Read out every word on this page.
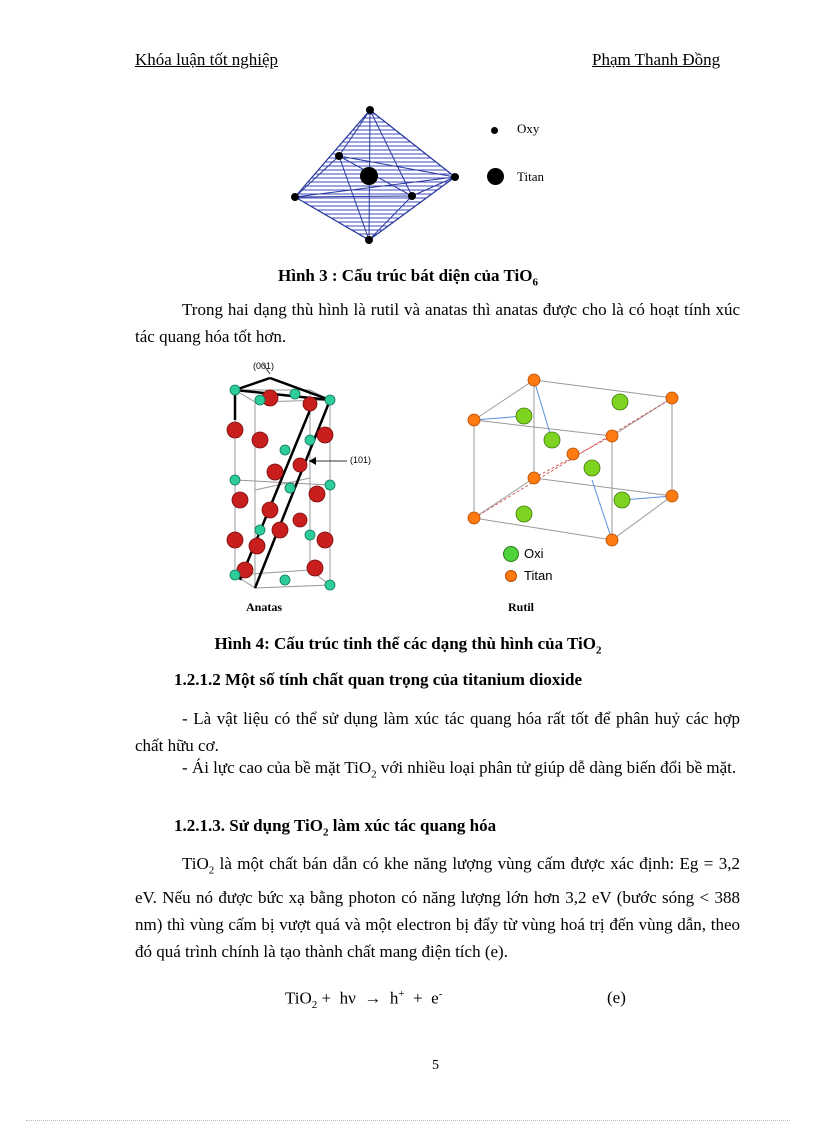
Khóa luận tốt nghiệp	Phạm Thanh Đồng
Oxy
Titan
Hình 3 : Cấu trúc bát diện của TiO$_6$
Trong hai dạng thù hình là rutil và anatas thì anatas được cho là có hoạt tính xúc tác quang hóa tốt hơn.
(001)
(101)
Anatas
Oxi
Titan
Rutil
Hình 4: Cấu trúc tinh thể các dạng thù hình của TiO$_2$
1.2.1.2 Một số tính chất quan trọng của titanium dioxide
- Là vật liệu có thể sử dụng làm xúc tác quang hóa rất tốt để phân huỷ các hợp chất hữu cơ.
- Ái lực cao của bề mặt TiO$_2$ với nhiều loại phân tử giúp dễ dàng biến đổi bề mặt.
1.2.1.3. Sử dụng TiO$_2$ làm xúc tác quang hóa
TiO$_2$ là một chất bán dẫn có khe năng lượng vùng cấm được xác định: Eg = 3,2 eV. Nếu nó được bức xạ bằng photon có năng lượng lớn hơn 3,2 eV (bước sóng < 388 nm) thì vùng cấm bị vượt quá và một electron bị đẩy từ vùng hoá trị đến vùng dẫn, theo đó quá trình chính là tạo thành chất mang điện tích (e).
TiO$_2$ +  hν  →  h+  +  e-	(e)
5
